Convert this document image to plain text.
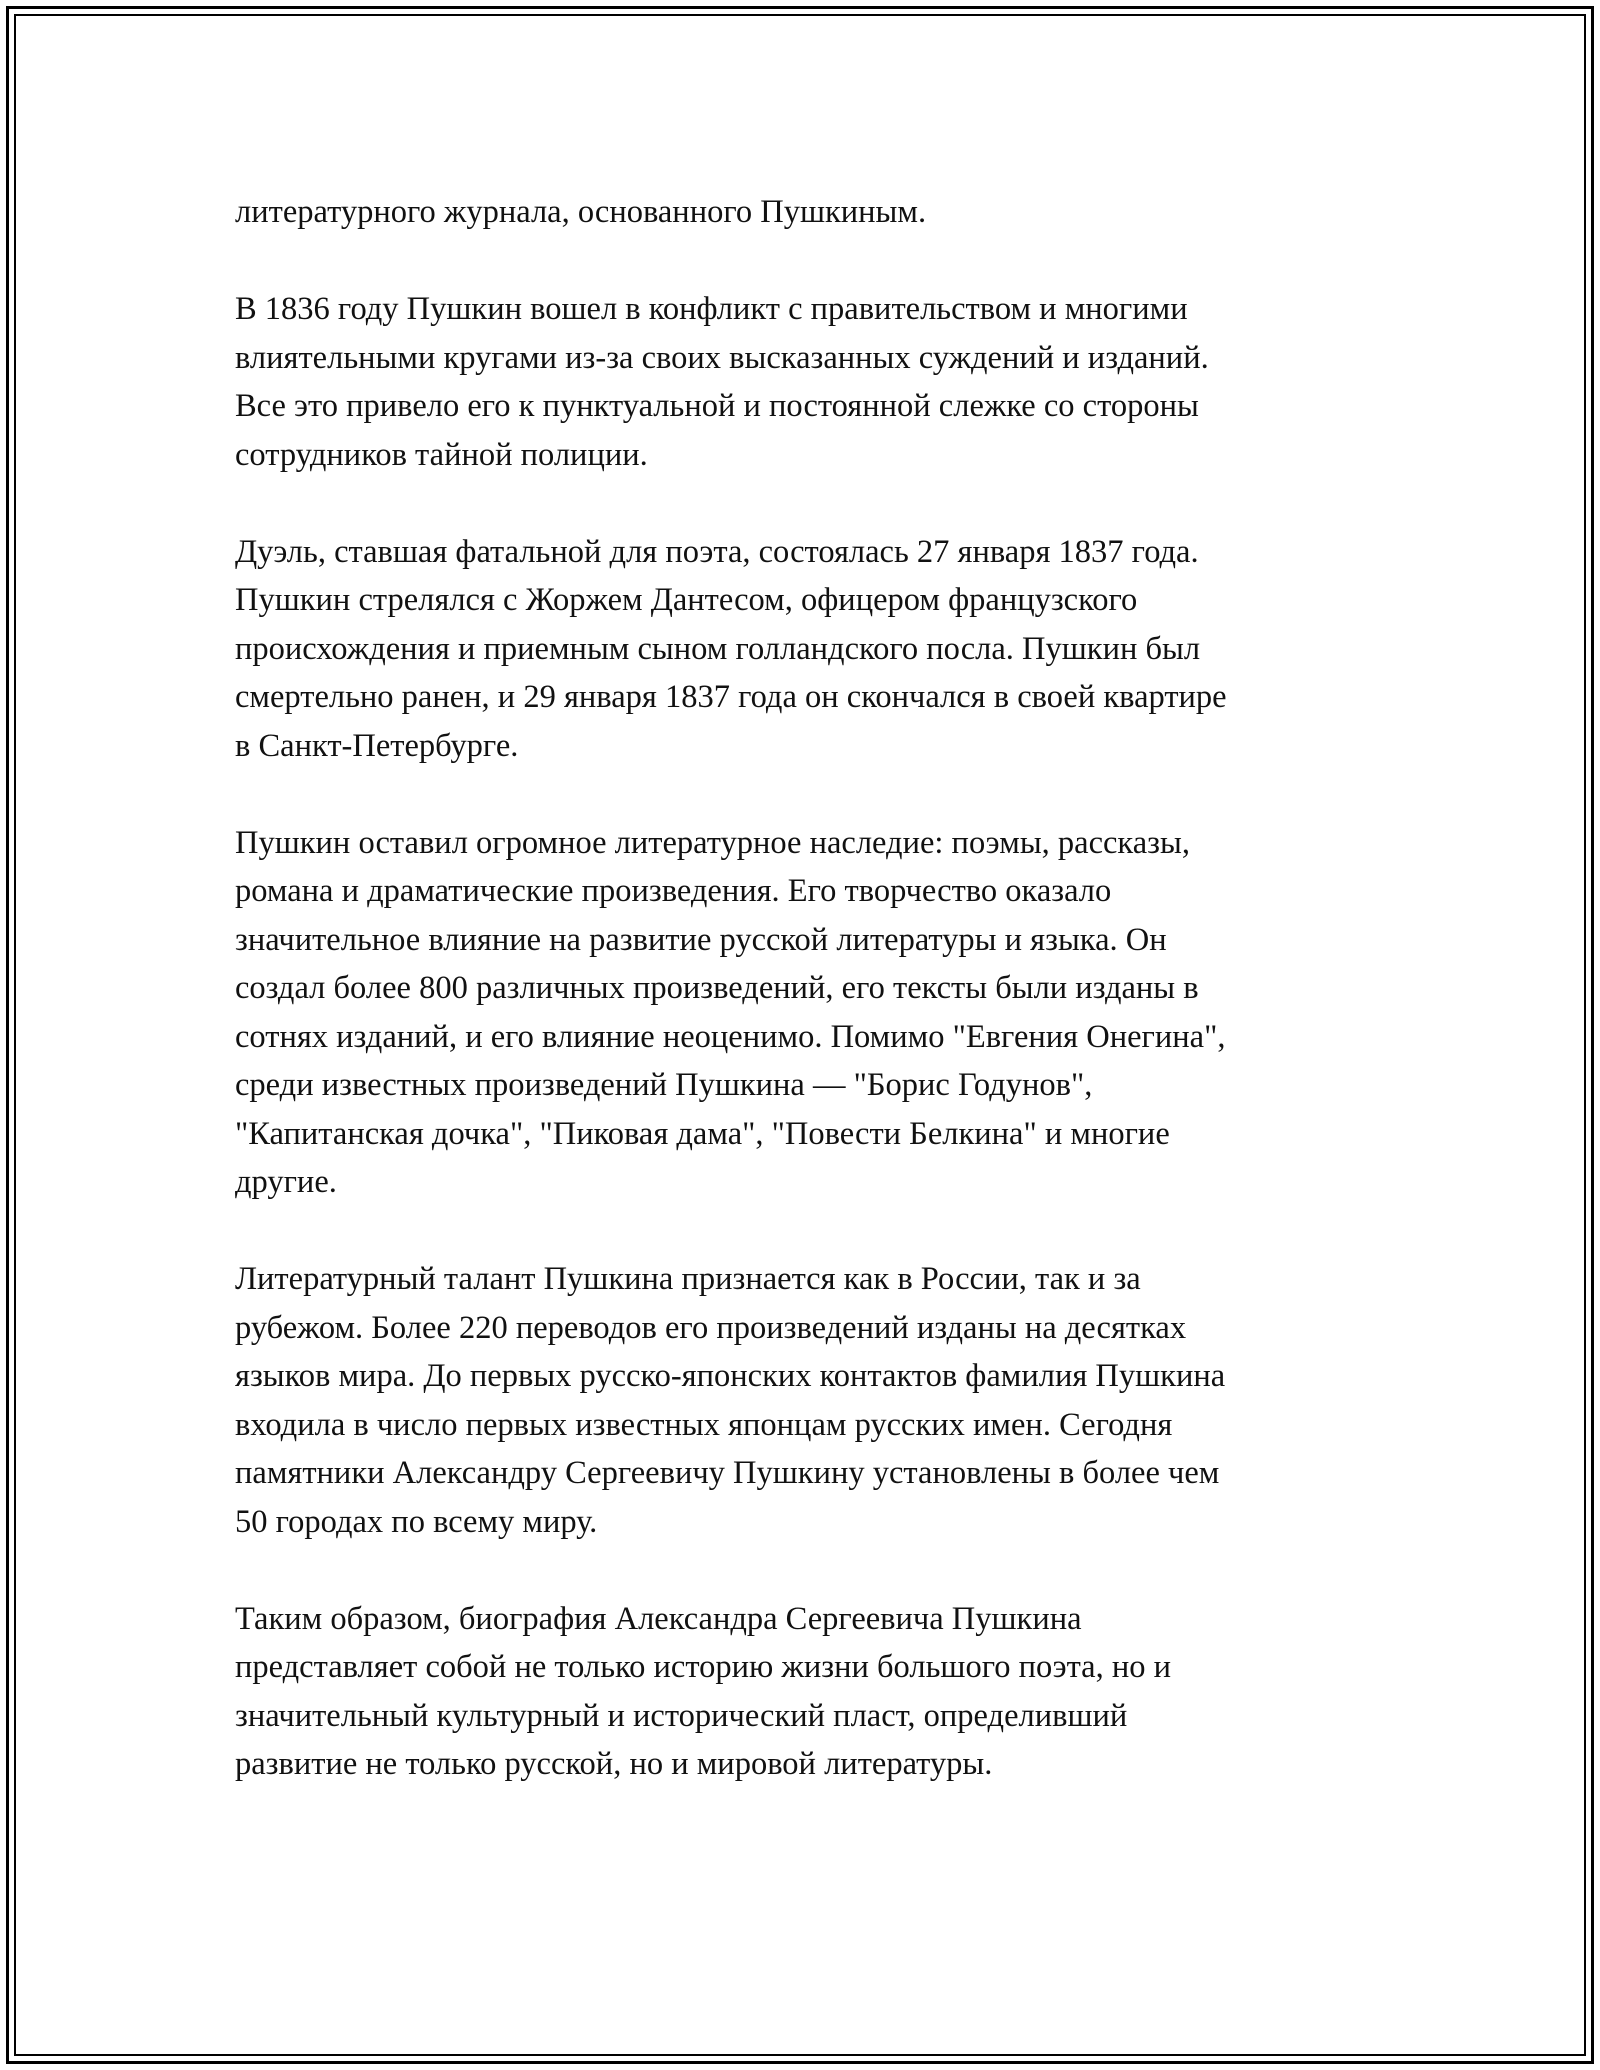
литературного журнала, основанного Пушкиным.

В 1836 году Пушкин вошел в конфликт с правительством и многими
влиятельными кругами из-за своих высказанных суждений и изданий.
Все это привело его к пунктуальной и постоянной слежке со стороны
сотрудников тайной полиции.

Дуэль, ставшая фатальной для поэта, состоялась 27 января 1837 года.
Пушкин стрелялся с Жоржем Дантесом, офицером французского
происхождения и приемным сыном голландского посла. Пушкин был
смертельно ранен, и 29 января 1837 года он скончался в своей квартире
в Санкт-Петербурге.

Пушкин оставил огромное литературное наследие: поэмы, рассказы,
романа и драматические произведения. Его творчество оказало
значительное влияние на развитие русской литературы и языка. Он
создал более 800 различных произведений, его тексты были изданы в
сотнях изданий, и его влияние неоценимо. Помимо "Евгения Онегина",
среди известных произведений Пушкина — "Борис Годунов",
"Капитанская дочка", "Пиковая дама", "Повести Белкина" и многие
другие.

Литературный талант Пушкина признается как в России, так и за
рубежом. Более 220 переводов его произведений изданы на десятках
языков мира. До первых русско-японских контактов фамилия Пушкина
входила в число первых известных японцам русских имен. Сегодня
памятники Александру Сергеевичу Пушкину установлены в более чем
50 городах по всему миру.

Таким образом, биография Александра Сергеевича Пушкина
представляет собой не только историю жизни большого поэта, но и
значительный культурный и исторический пласт, определивший
развитие не только русской, но и мировой литературы.
